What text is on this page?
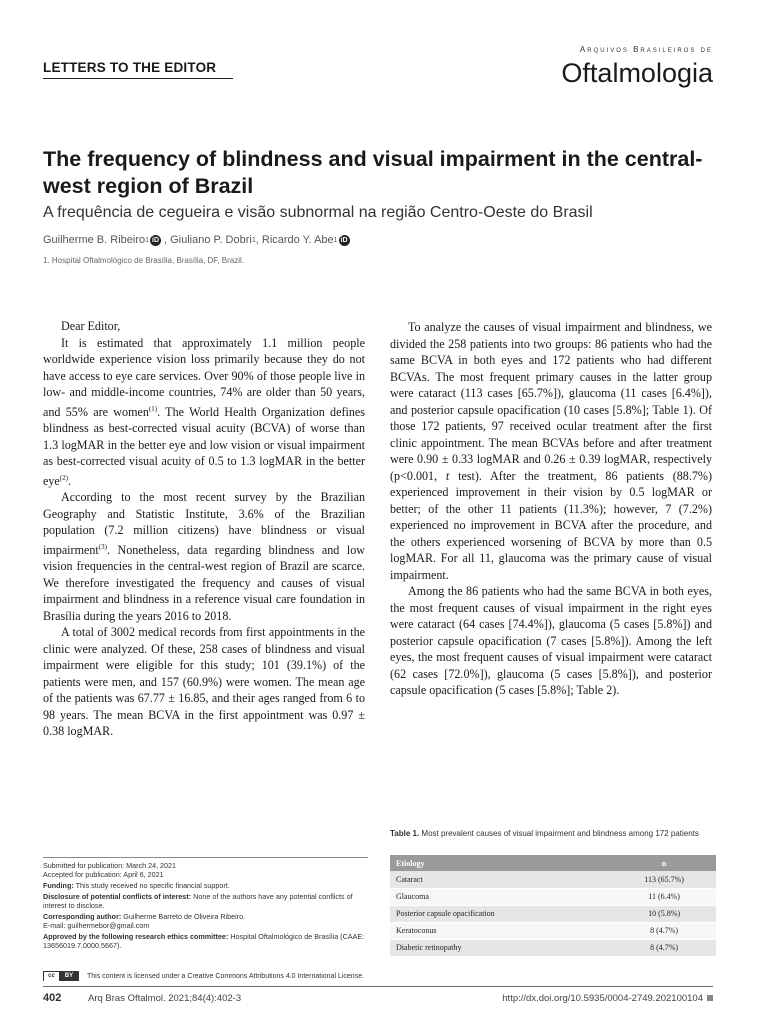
LETTERS TO THE EDITOR
Arquivos Brasileiros de
Oftalmologia
The frequency of blindness and visual impairment in the central-west region of Brazil
A frequência de cegueira e visão subnormal na região Centro-Oeste do Brasil
Guilherme B. Ribeiro 1 iD , Giuliano P. Dobri 1 , Ricardo Y. Abe 1 iD
1. Hospital Oftalmológico de Brasília, Brasília, DF, Brazil.

Dear Editor,

It is estimated that approximately 1.1 million people worldwide experience vision loss primarily because they do not have access to eye care services. Over 90% of those people live in low- and middle-income countries, 74% are older than 50 years, and 55% are women$^{(1)}$. The World Health Organization defines blindness as best-corrected visual acuity (BCVA) of worse than 1.3 logMAR in the better eye and low vision or visual impairment as best-corrected visual acuity of 0.5 to 1.3 logMAR in the better eye$^{(2)}$.

According to the most recent survey by the Brazilian Geography and Statistic Institute, 3.6% of the Brazilian population (7.2 million citizens) have blindness or visual impairment$^{(3)}$. Nonetheless, data regarding blindness and low vision frequencies in the central-west region of Brazil are scarce. We therefore investigated the frequency and causes of visual impairment and blindness in a reference visual care foundation in Brasília during the years 2016 to 2018.

A total of 3002 medical records from first appointments in the clinic were analyzed. Of these, 258 cases of blindness and visual impairment were eligible for this study; 101 (39.1%) of the patients were men, and 157 (60.9%) were women. The mean age of the patients was 67.77 ± 16.85, and their ages ranged from 6 to 98 years. The mean BCVA in the first appointment was 0.97 ± 0.38 logMAR.

To analyze the causes of visual impairment and blindness, we divided the 258 patients into two groups: 86 patients who had the same BCVA in both eyes and 172 patients who had different BCVAs. The most frequent primary causes in the latter group were cataract (113 cases [65.7%]), glaucoma (11 cases [6.4%]), and posterior capsule opacification (10 cases [5.8%]; Table 1). Of those 172 patients, 97 received ocular treatment after the first clinic appointment. The mean BCVAs before and after treatment were 0.90 ± 0.33 logMAR and 0.26 ± 0.39 logMAR, respectively (p<0.001, t test). After the treatment, 86 patients (88.7%) experienced improvement in their vision by 0.5 logMAR or better; of the other 11 patients (11.3%); however, 7 (7.2%) experienced no improvement in BCVA after the procedure, and the others experienced worsening of BCVA by more than 0.5 logMAR. For all 11, glaucoma was the primary cause of visual impairment.

Among the 86 patients who had the same BCVA in both eyes, the most frequent causes of visual impairment in the right eyes were cataract (64 cases [74.4%]), glaucoma (5 cases [5.8%]) and posterior capsule opacification (7 cases [5.8%]). Among the left eyes, the most frequent causes of visual impairment were cataract (62 cases [72.0%]), glaucoma (5 cases [5.8%]), and posterior capsule opacification (5 cases [5.8%]; Table 2).

Submitted for publication: March 24, 2021
Accepted for publication: April 6, 2021
Funding: This study received no specific financial support.
Disclosure of potential conflicts of interest: None of the authors have any potential conflicts of interest to disclose.
Corresponding author: Guilherme Barreto de Oliveira Ribeiro.
E-mail: guilhermebor@gmail.com
Approved by the following research ethics committee: Hospital Oftalmológico de Brasília (CAAE: 13656019.7.0000.5667).
Table 1. Most prevalent causes of visual impairment and blindness among 172 patients
Etiology	n
Cataract	113 (65.7%)
Glaucoma	11 (6.4%)
Posterior capsule opacification	10 (5.8%)
Keratoconus	8 (4.7%)
Diabetic retinopathy	8 (4.7%)
cc	BY	This content is licensed under a Creative Commons Attributions 4.0 International License.
402	Arq Bras Oftalmol. 2021;84(4):402-3	http://dx.doi.org/10.5935/0004-2749.202100104
